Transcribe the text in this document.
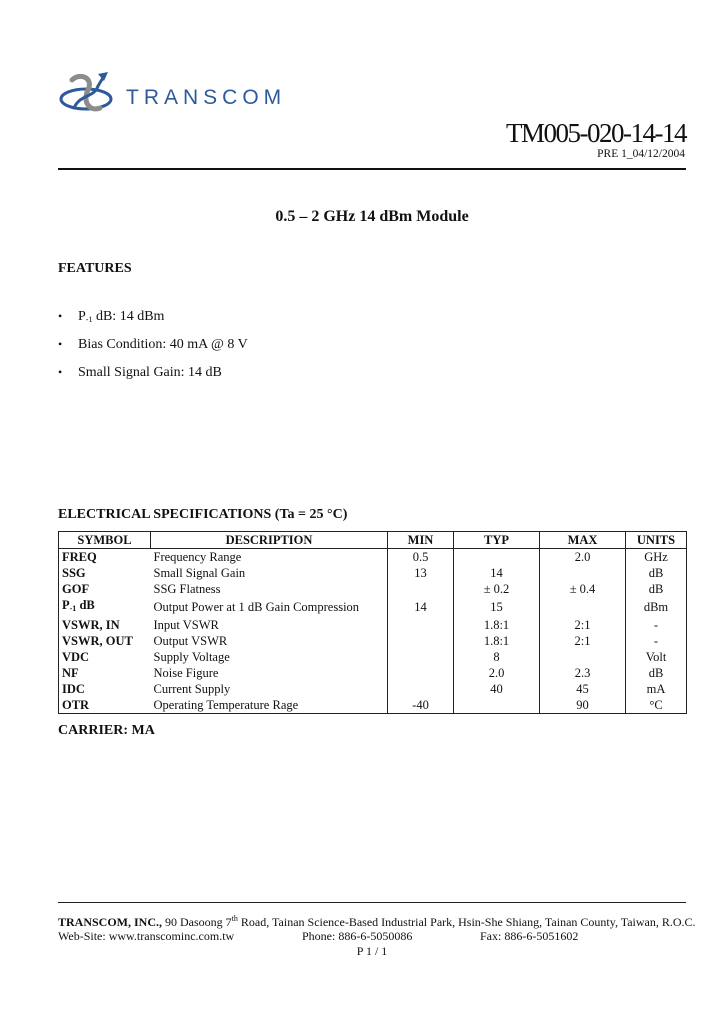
TRANSCOM
TM005-020-14-14
PRE 1_04/12/2004
0.5 – 2 GHz 14 dBm Module
FEATURES
• $P_{-1}$ dB: 14 dBm
• Bias Condition: 40 mA @ 8 V
• Small Signal Gain: 14 dB
ELECTRICAL SPECIFICATIONS (Ta = 25 °C)
SYMBOL	DESCRIPTION	MIN	TYP	MAX	UNITS
FREQ	Frequency Range	0.5		2.0	GHz
SSG	Small Signal Gain	13	14		dB
GOF	SSG Flatness		± 0.2	± 0.4	dB
$P_{-1}$ dB	Output Power at 1 dB Gain Compression	14	15		dBm
VSWR, IN	Input VSWR		1.8:1	2:1	-
VSWR, OUT	Output VSWR		1.8:1	2:1	-
VDC	Supply Voltage		8		Volt
NF	Noise Figure		2.0	2.3	dB
IDC	Current Supply		40	45	mA
OTR	Operating Temperature Rage	-40		90	°C
CARRIER: MA
TRANSCOM, INC., 90 Dasoong 7th Road, Tainan Science-Based Industrial Park, Hsin-She Shiang, Tainan County, Taiwan, R.O.C.
Web-Site: www.transcominc.com.tw	Phone: 886-6-5050086	Fax: 886-6-5051602
P 1 / 1
